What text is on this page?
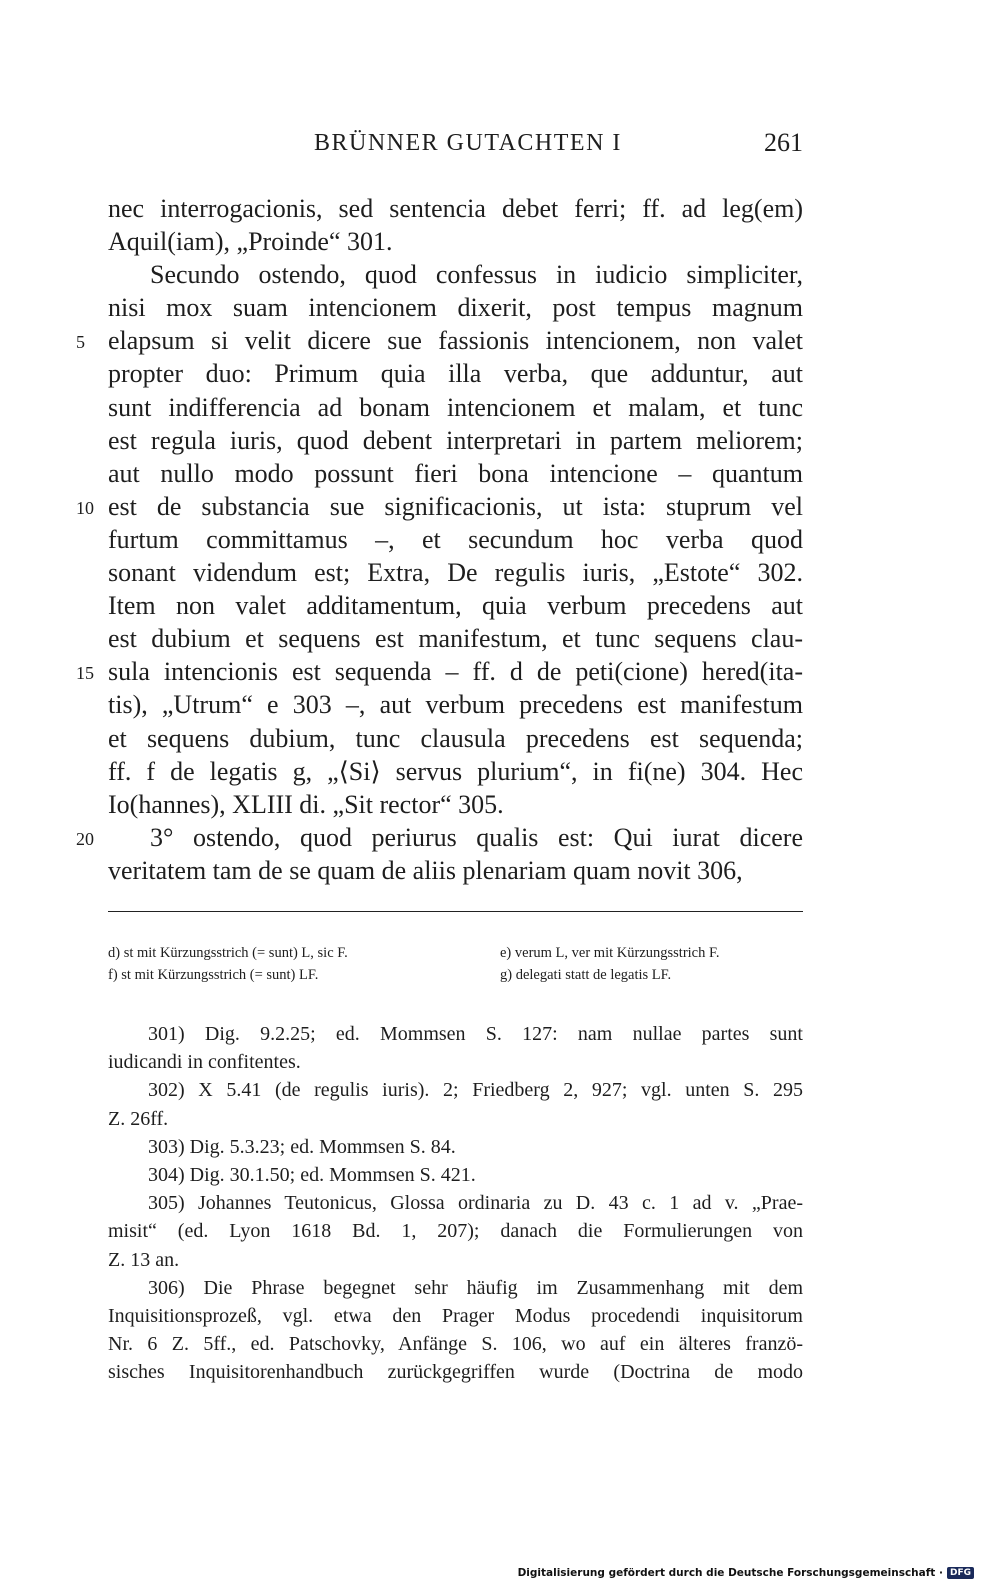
BRÜNNER GUTACHTEN I	261
nec interrogacionis, sed sentencia debet ferri; ff. ad leg(em)
Aquil(iam), „Proinde“ 301.
Secundo ostendo, quod confessus in iudicio simpliciter,
nisi mox suam intencionem dixerit, post tempus magnum
5 elapsum si velit dicere sue fassionis intencionem, non valet
propter duo: Primum quia illa verba, que adduntur, aut
sunt indifferencia ad bonam intencionem et malam, et tunc
est regula iuris, quod debent interpretari in partem meliorem;
aut nullo modo possunt fieri bona intencione – quantum
10 est de substancia sue significacionis, ut ista: stuprum vel
furtum committamus –, et secundum hoc verba quod
sonant videndum est; Extra, De regulis iuris, „Estote“ 302.
Item non valet additamentum, quia verbum precedens aut
est dubium et sequens est manifestum, et tunc sequens clau-
15 sula intencionis est sequenda – ff. d de peti(cione) hered(ita-
tis), „Utrum“ e 303 –, aut verbum precedens est manifestum
et sequens dubium, tunc clausula precedens est sequenda;
ff. f de legatis g, „⟨Si⟩ servus plurium“, in fi(ne) 304. Hec
Io(hannes), XLIII di. „Sit rector“ 305.
20	3° ostendo, quod periurus qualis est: Qui iurat dicere
veritatem tam de se quam de aliis plenariam quam novit 306,
d) st mit Kürzungsstrich (= sunt) L, sic F.	e) verum L, ver mit Kürzungsstrich F.
f) st mit Kürzungsstrich (= sunt) LF.	g) delegati statt de legatis LF.
301) Dig. 9.2.25; ed. Mommsen S. 127: nam nullae partes sunt
iudicandi in confitentes.
302) X 5.41 (de regulis iuris). 2; Friedberg 2, 927; vgl. unten S. 295
Z. 26ff.
303) Dig. 5.3.23; ed. Mommsen S. 84.
304) Dig. 30.1.50; ed. Mommsen S. 421.
305) Johannes Teutonicus, Glossa ordinaria zu D. 43 c. 1 ad v. „Prae-
misit“ (ed. Lyon 1618 Bd. 1, 207); danach die Formulierungen von
Z. 13 an.
306) Die Phrase begegnet sehr häufig im Zusammenhang mit dem
Inquisitionsprozeß, vgl. etwa den Prager Modus procedendi inquisitorum
Nr. 6 Z. 5ff., ed. Patschovky, Anfänge S. 106, wo auf ein älteres franzö-
sisches Inquisitorenhandbuch zurückgegriffen wurde (Doctrina de modo
Digitalisierung gefördert durch die Deutsche Forschungsgemeinschaft · DFG
